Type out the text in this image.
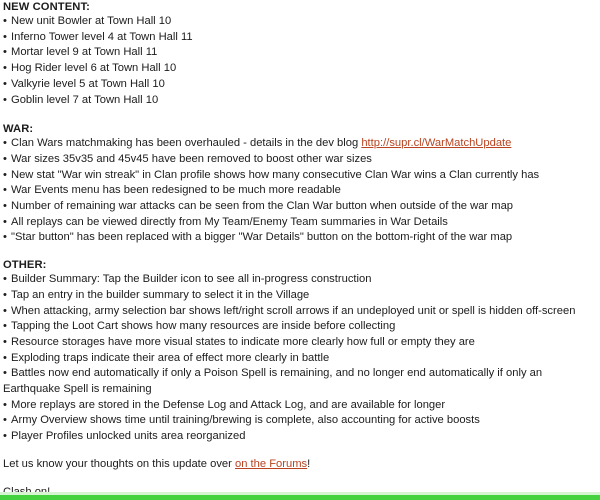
NEW CONTENT:

• New unit Bowler at Town Hall 10
• Inferno Tower level 4 at Town Hall 11
• Mortar level 9 at Town Hall 11
• Hog Rider level 6 at Town Hall 10
• Valkyrie level 5 at Town Hall 10
• Goblin level 7 at Town Hall 10

WAR:

• Clan Wars matchmaking has been overhauled - details in the dev blog http://supr.cl/WarMatchUpdate
• War sizes 35v35 and 45v45 have been removed to boost other war sizes
• New stat "War win streak" in Clan profile shows how many consecutive Clan War wins a Clan currently has
• War Events menu has been redesigned to be much more readable
• Number of remaining war attacks can be seen from the Clan War button when outside of the war map
• All replays can be viewed directly from My Team/Enemy Team summaries in War Details
• "Star button" has been replaced with a bigger "War Details" button on the bottom-right of the war map

OTHER:

• Builder Summary: Tap the Builder icon to see all in-progress construction
• Tap an entry in the builder summary to select it in the Village
• When attacking, army selection bar shows left/right scroll arrows if an undeployed unit or spell is hidden off-screen
• Tapping the Loot Cart shows how many resources are inside before collecting
• Resource storages have more visual states to indicate more clearly how full or empty they are
• Exploding traps indicate their area of effect more clearly in battle
• Battles now end automatically if only a Poison Spell is remaining, and no longer end automatically if only an Earthquake Spell is remaining
• More replays are stored in the Defense Log and Attack Log, and are available for longer
• Army Overview shows time until training/brewing is complete, also accounting for active boosts
• Player Profiles unlocked units area reorganized

Let us know your thoughts on this update over on the Forums!
